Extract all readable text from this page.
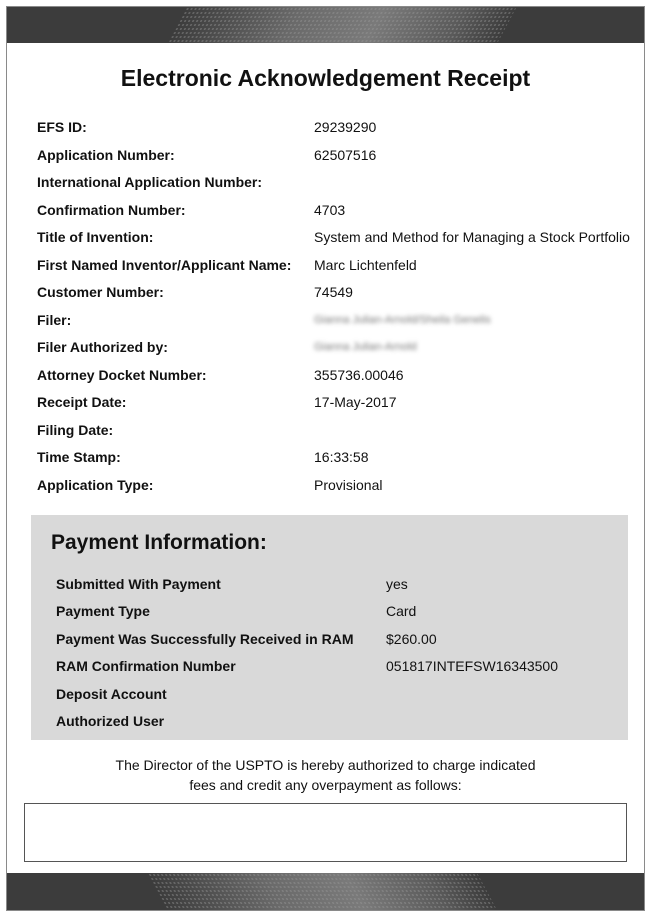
Electronic Acknowledgement Receipt
EFS ID:	29239290
Application Number:	62507516
International Application Number:
Confirmation Number:	4703
Title of Invention:	System and Method for Managing a Stock Portfolio
First Named Inventor/Applicant Name: Marc Lichtenfeld
Customer Number:	74549
Filer:	Gianna Julian-Arnold/Sheila Genelis
Filer Authorized by:	Gianna Julian-Arnold
Attorney Docket Number:	355736.00046
Receipt Date:	17-May-2017
Filing Date:
Time Stamp:	16:33:58
Application Type:	Provisional
Payment Information:
Submitted With Payment	yes
Payment Type	Card
Payment Was Successfully Received in RAM $260.00
RAM Confirmation Number	051817INTEFSW16343500
Deposit Account
Authorized User
The Director of the USPTO is hereby authorized to charge indicated
fees and credit any overpayment as follows:
